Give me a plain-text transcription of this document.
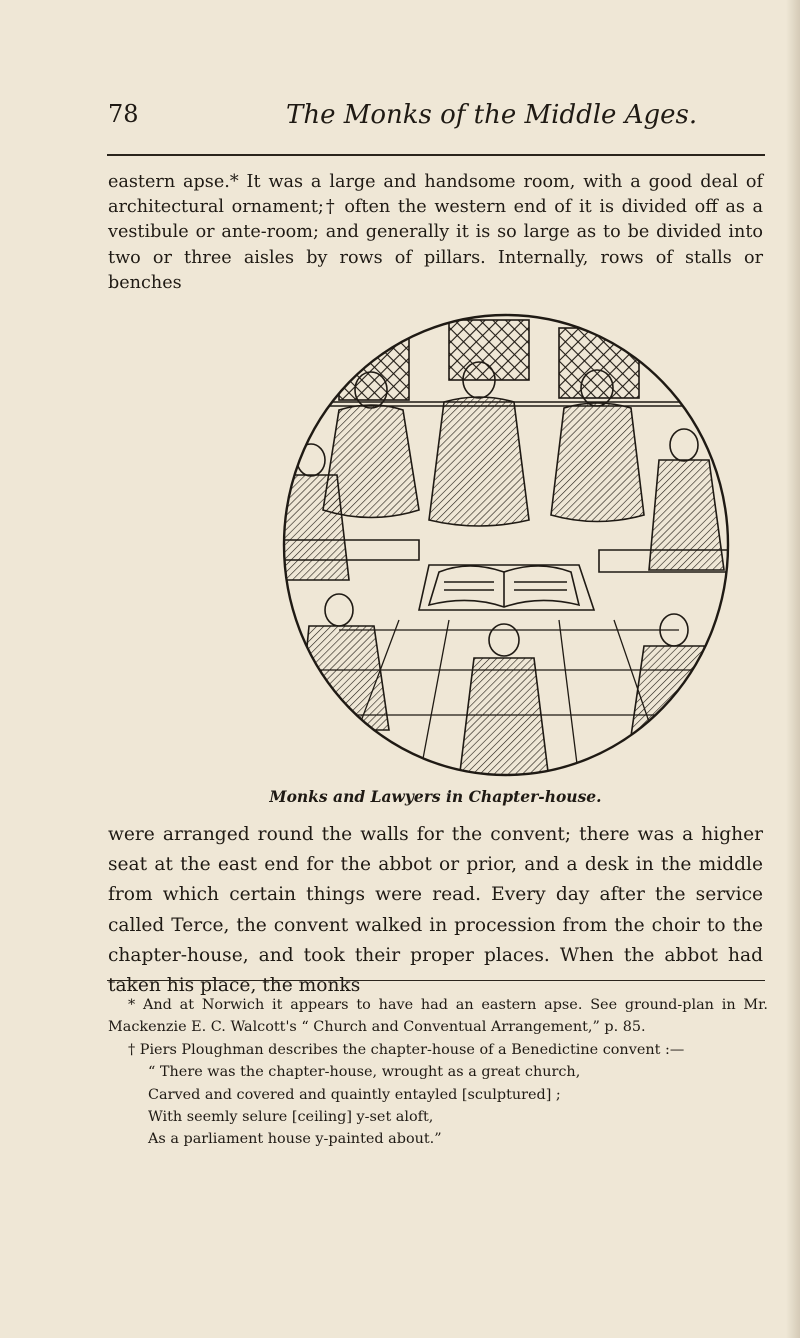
78	The Monks of the Middle Ages.

eastern apse.* It was a large and handsome room, with a good deal of architectural ornament;† often the western end of it is divided off as a vestibule or ante-room; and generally it is so large as to be divided into two or three aisles by rows of pillars. Internally, rows of stalls or benches

Monks and Lawyers in Chapter-house.

were arranged round the walls for the convent; there was a higher seat at the east end for the abbot or prior, and a desk in the middle from which certain things were read. Every day after the service called Terce, the convent walked in procession from the choir to the chapter-house, and took their proper places. When the abbot had taken his place, the monks

* And at Norwich it appears to have had an eastern apse. See ground-plan in Mr. Mackenzie E. C. Walcott's “ Church and Conventual Arrangement,” p. 85.

† Piers Ploughman describes the chapter-house of a Benedictine convent :—

“ There was the chapter-house, wrought as a great church,
Carved and covered and quaintly entayled [sculptured] ;
With seemly selure [ceiling] y-set aloft,
As a parliament house y-painted about.”
